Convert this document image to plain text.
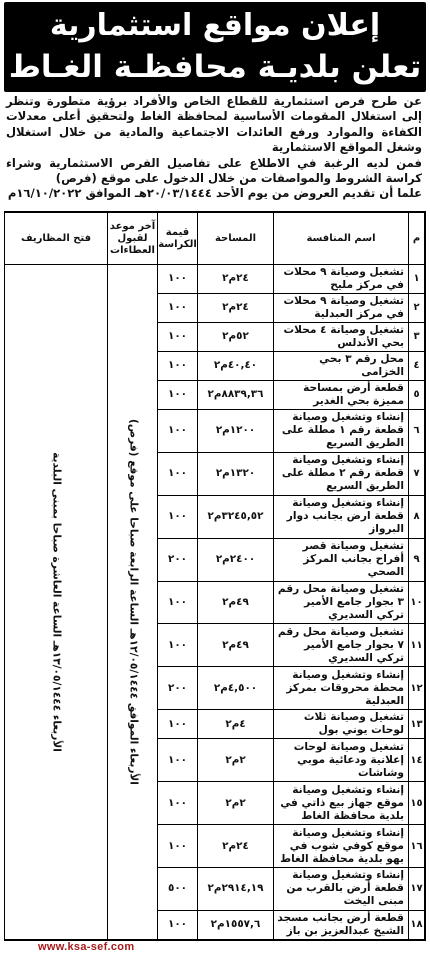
إعلان مواقع استثمارية
تعلن بلديـة محافظـة الغـاط

عن طرح فرص استثمارية للقطاع الخاص والأفراد برؤية متطورة وتنظر إلى استغلال المقومات الأساسية لمحافظة الغاط ولتحقيق أعلى معدلات الكفاءة والموارد ورفع العائدات الاجتماعية والمادية من خلال استغلال وشغل المواقع الاستثمارية

فمن لديه الرغبة في الاطلاع على تفاصيل الفرص الاستثمارية وشراء كراسة الشروط والمواصفات من خلال الدخول على موقع (فرص)

علما أن تقديم العروض من يوم الأحد ٢٠/٠٣/١٤٤٤هـ الموافق ١٦/١٠/٢٠٢٢م

م	اسم المنافسة	المساحة	قيمة الكراسة	آخر موعد لقبول العطاءات	فتح المظاريف
١	تشغيل وصيانة ٩ محلات في مركز مليح	٢٤م٢	١٠٠	الأربعاء الموافق ١٢/٠٥/١٤٤٤هـ الساعة الرابعة صباحا على موقع (فرص)	الأربعاء ١٣/٠٥/١٤٤٤هـ الساعة العاشرة صباحا بمبنى البلدية

٢	تشغيل وصيانة ٩ محلات في مركز العبدلية	٢٤م٢	١٠٠		
٣	تشغيل وصيانة ٤ محلات بحي الأندلس	٥٢م٢	١٠٠		
٤	محل رقم ٣ بحي الخزامى	٤٠,٤٠م٢	١٠٠		
٥	قطعة أرض بمساحة مميزة بحي الغدير	٨٨٣٩,٣٦م٢	١٠٠		
٦	إنشاء وتشغيل وصيانة قطعة رقم ١ مطلة على الطريق السريع	١٢٠٠م٢	١٠٠		
٧	إنشاء وتشغيل وصيانة قطعة رقم ٢ مطلة على الطريق السريع	١٣٢٠م٢	١٠٠		
٨	إنشاء وتشغيل وصيانة قطعة ارض بجانب دوار البرواز	٣٢٤٥,٥٢م٢	١٠٠		
٩	تشغيل وصيانة قصر أفراح بجانب المركز الصحي	٢٤٠٠م٢	٢٠٠		
١٠	تشغيل وصيانة محل رقم ٣ بجوار جامع الأمير تركي السديري	٤٩م٢	١٠٠		
١١	تشغيل وصيانة محل رقم ٧ بجوار جامع الأمير تركي السديري	٤٩م٢	١٠٠		
١٢	إنشاء وتشغيل وصيانة محطة محروقات بمركز العبدلية	٤,٥٠٠م٢	٢٠٠		
١٣	تشغيل وصيانة ثلاث لوحات يوني بول	٤م٢	١٠٠		
١٤	تشغيل وصيانة لوحات إعلانية ودعائية موبي وشاشات	٢م٢	١٠٠		
١٥	إنشاء وتشغيل وصيانة موقع جهاز بيع ذاتي في بلدية محافظة الغاط	٢م٢	١٠٠		
١٦	إنشاء وتشغيل وصيانة موقع كوفي شوب في بهو بلدية محافظة الغاط	٢٤م٢	١٠٠		
١٧	إنشاء وتشغيل وصيانة قطعة أرض بالقرب من مبنى اليخت	٢٩١٤,١٩م٢	٥٠٠		
١٨	قطعة أرض بجانب مسجد الشيخ عبدالعزيز بن باز	١٥٥٧,٦م٢	١٠٠		
www.ksa-sef.com
